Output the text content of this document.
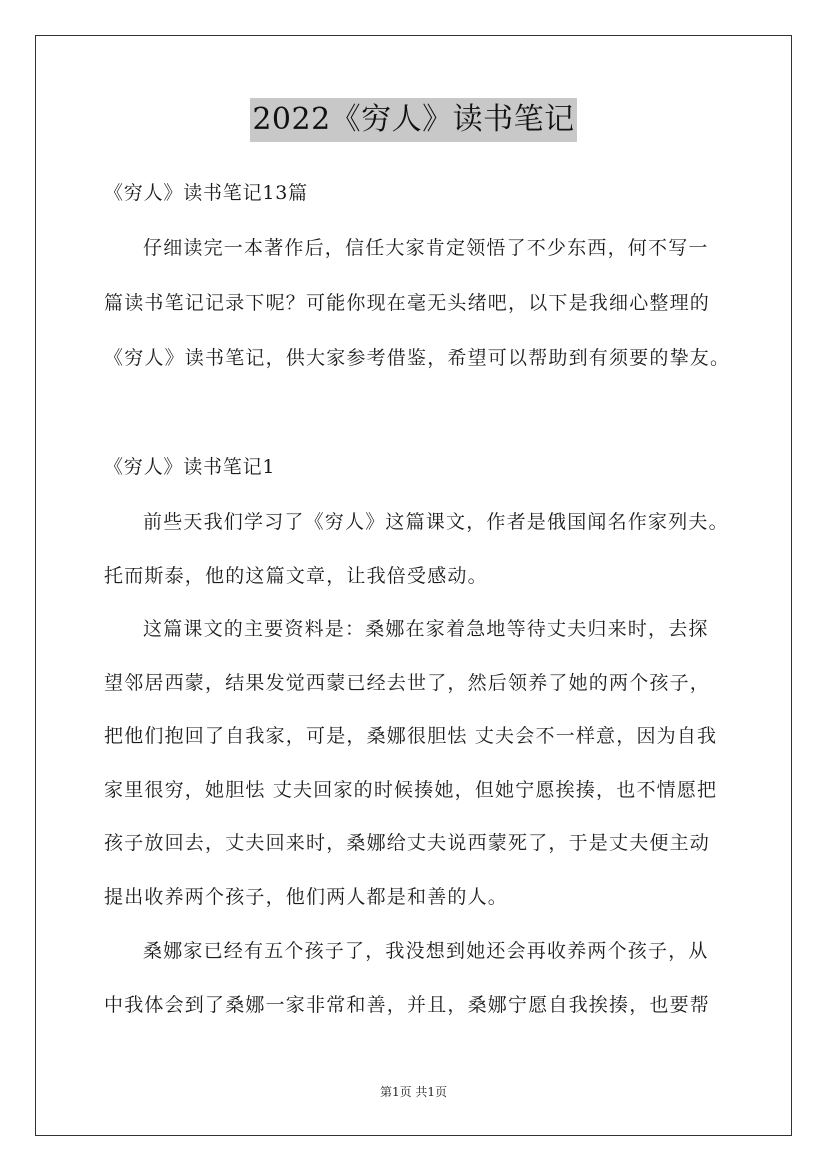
2022《穷人》读书笔记
《穷人》读书笔记13篇
仔细读完一本著作后，信任大家肯定领悟了不少东西，何不写一
篇读书笔记记录下呢？可能你现在毫无头绪吧，以下是我细心整理的
《穷人》读书笔记，供大家参考借鉴，希望可以帮助到有须要的挚友。
《穷人》读书笔记1
前些天我们学习了《穷人》这篇课文，作者是俄国闻名作家列夫。
托而斯泰，他的这篇文章，让我倍受感动。
这篇课文的主要资料是：桑娜在家着急地等待丈夫归来时，去探
望邻居西蒙，结果发觉西蒙已经去世了，然后领养了她的两个孩子，
把他们抱回了自我家，可是，桑娜很胆怯 丈夫会不一样意，因为自我
家里很穷，她胆怯 丈夫回家的时候揍她，但她宁愿挨揍，也不情愿把
孩子放回去，丈夫回来时，桑娜给丈夫说西蒙死了，于是丈夫便主动
提出收养两个孩子，他们两人都是和善的人。
桑娜家已经有五个孩子了，我没想到她还会再收养两个孩子，从
中我体会到了桑娜一家非常和善，并且，桑娜宁愿自我挨揍，也要帮
第1页 共1页
